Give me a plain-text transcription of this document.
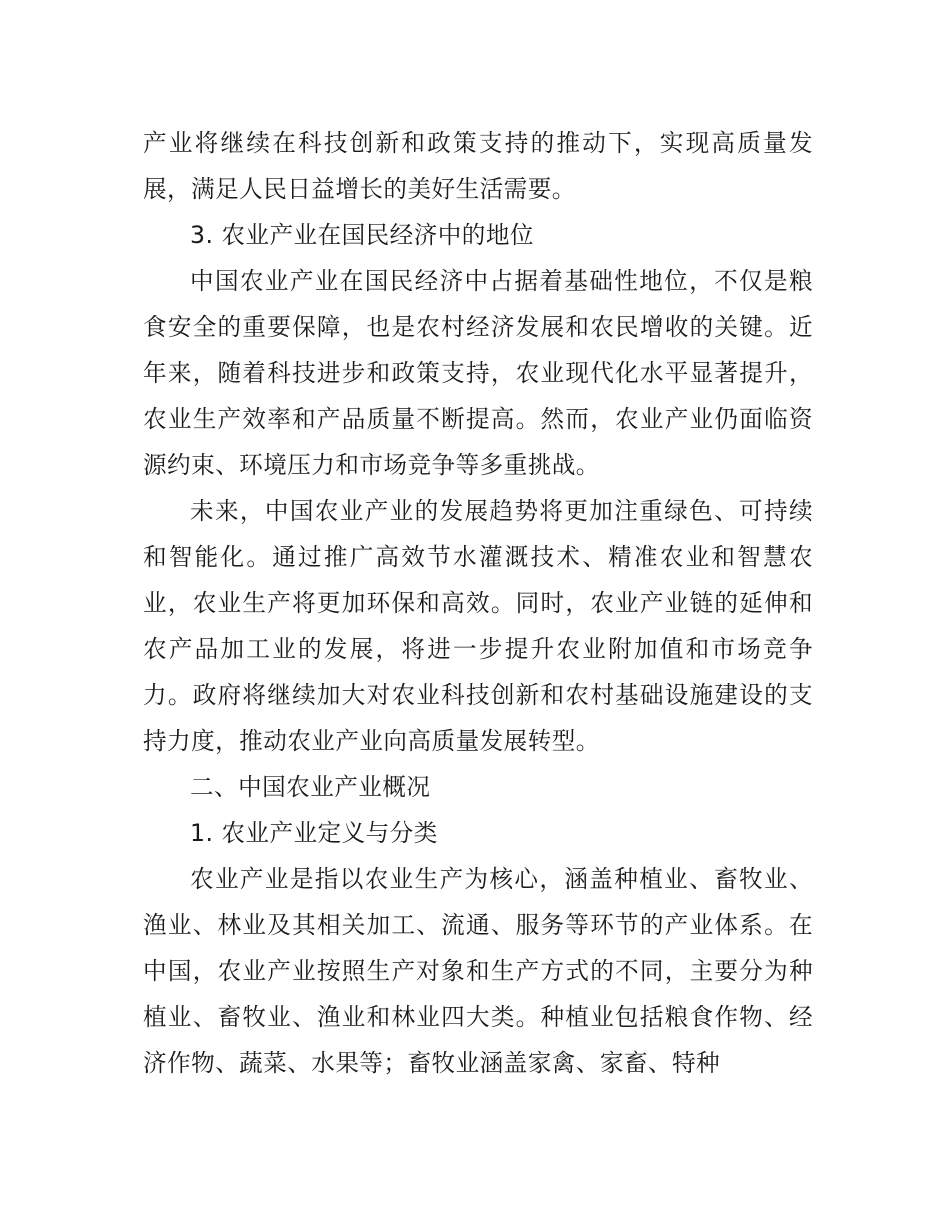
产业将继续在科技创新和政策支持的推动下，实现高质量发展，满足人民日益增长的美好生活需要。

3. 农业产业在国民经济中的地位

中国农业产业在国民经济中占据着基础性地位，不仅是粮食安全的重要保障，也是农村经济发展和农民增收的关键。近年来，随着科技进步和政策支持，农业现代化水平显著提升，农业生产效率和产品质量不断提高。然而，农业产业仍面临资源约束、环境压力和市场竞争等多重挑战。

未来，中国农业产业的发展趋势将更加注重绿色、可持续和智能化。通过推广高效节水灌溉技术、精准农业和智慧农业，农业生产将更加环保和高效。同时，农业产业链的延伸和农产品加工业的发展，将进一步提升农业附加值和市场竞争力。政府将继续加大对农业科技创新和农村基础设施建设的支持力度，推动农业产业向高质量发展转型。

二、中国农业产业概况

1. 农业产业定义与分类

农业产业是指以农业生产为核心，涵盖种植业、畜牧业、渔业、林业及其相关加工、流通、服务等环节的产业体系。在中国，农业产业按照生产对象和生产方式的不同，主要分为种植业、畜牧业、渔业和林业四大类。种植业包括粮食作物、经济作物、蔬菜、水果等；畜牧业涵盖家禽、家畜、特种
